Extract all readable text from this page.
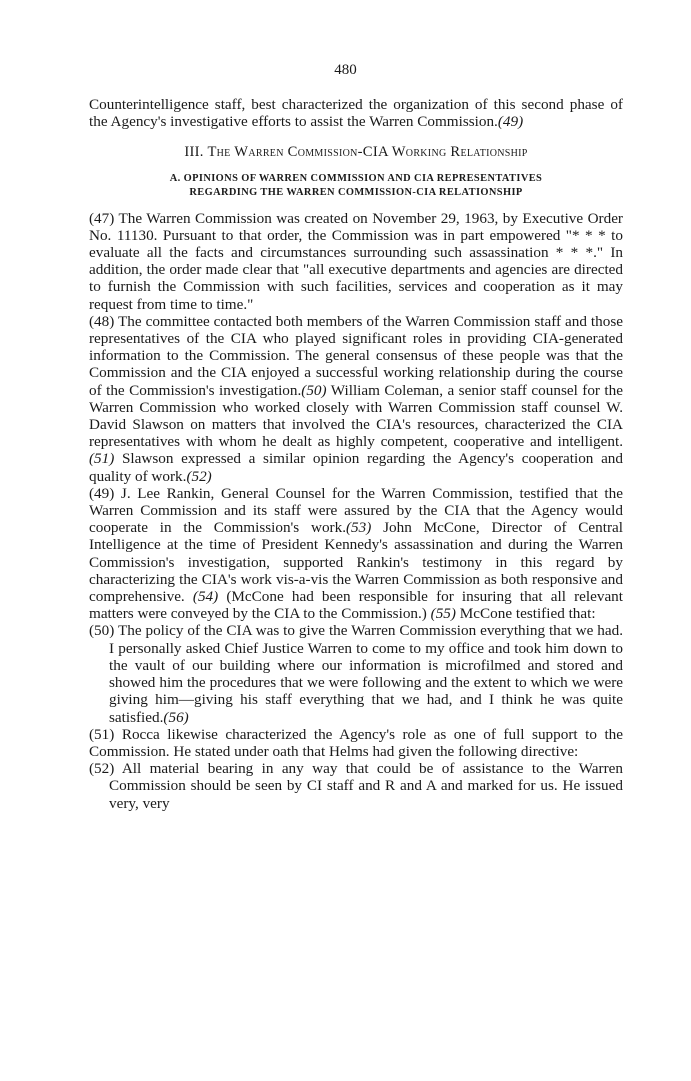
480

Counterintelligence staff, best characterized the organization of this second phase of the Agency's investigative efforts to assist the Warren Commission.(49)

III. The Warren Commission-CIA Working Relationship
A. OPINIONS OF WARREN COMMISSION AND CIA REPRESENTATIVES
REGARDING THE WARREN COMMISSION-CIA RELATIONSHIP

(47) The Warren Commission was created on November 29, 1963, by Executive Order No. 11130. Pursuant to that order, the Commission was in part empowered "* * * to evaluate all the facts and circumstances surrounding such assassination * * *." In addition, the order made clear that "all executive departments and agencies are directed to furnish the Commission with such facilities, services and cooperation as it may request from time to time."

(48) The committee contacted both members of the Warren Commission staff and those representatives of the CIA who played significant roles in providing CIA-generated information to the Commission. The general consensus of these people was that the Commission and the CIA enjoyed a successful working relationship during the course of the Commission's investigation.(50) William Coleman, a senior staff counsel for the Warren Commission who worked closely with Warren Commission staff counsel W. David Slawson on matters that involved the CIA's resources, characterized the CIA representatives with whom he dealt as highly competent, cooperative and intelligent.(51) Slawson expressed a similar opinion regarding the Agency's cooperation and quality of work.(52)

(49) J. Lee Rankin, General Counsel for the Warren Commission, testified that the Warren Commission and its staff were assured by the CIA that the Agency would cooperate in the Commission's work.(53) John McCone, Director of Central Intelligence at the time of President Kennedy's assassination and during the Warren Commission's investigation, supported Rankin's testimony in this regard by characterizing the CIA's work vis-a-vis the Warren Commission as both responsive and comprehensive. (54) (McCone had been responsible for insuring that all relevant matters were conveyed by the CIA to the Commission.) (55) McCone testified that:

(50) The policy of the CIA was to give the Warren Commission everything that we had. I personally asked Chief Justice Warren to come to my office and took him down to the vault of our building where our information is microfilmed and stored and showed him the procedures that we were following and the extent to which we were giving him—giving his staff everything that we had, and I think he was quite satisfied.(56)

(51) Rocca likewise characterized the Agency's role as one of full support to the Commission. He stated under oath that Helms had given the following directive:

(52) All material bearing in any way that could be of assistance to the Warren Commission should be seen by CI staff and R and A and marked for us. He issued very, very
